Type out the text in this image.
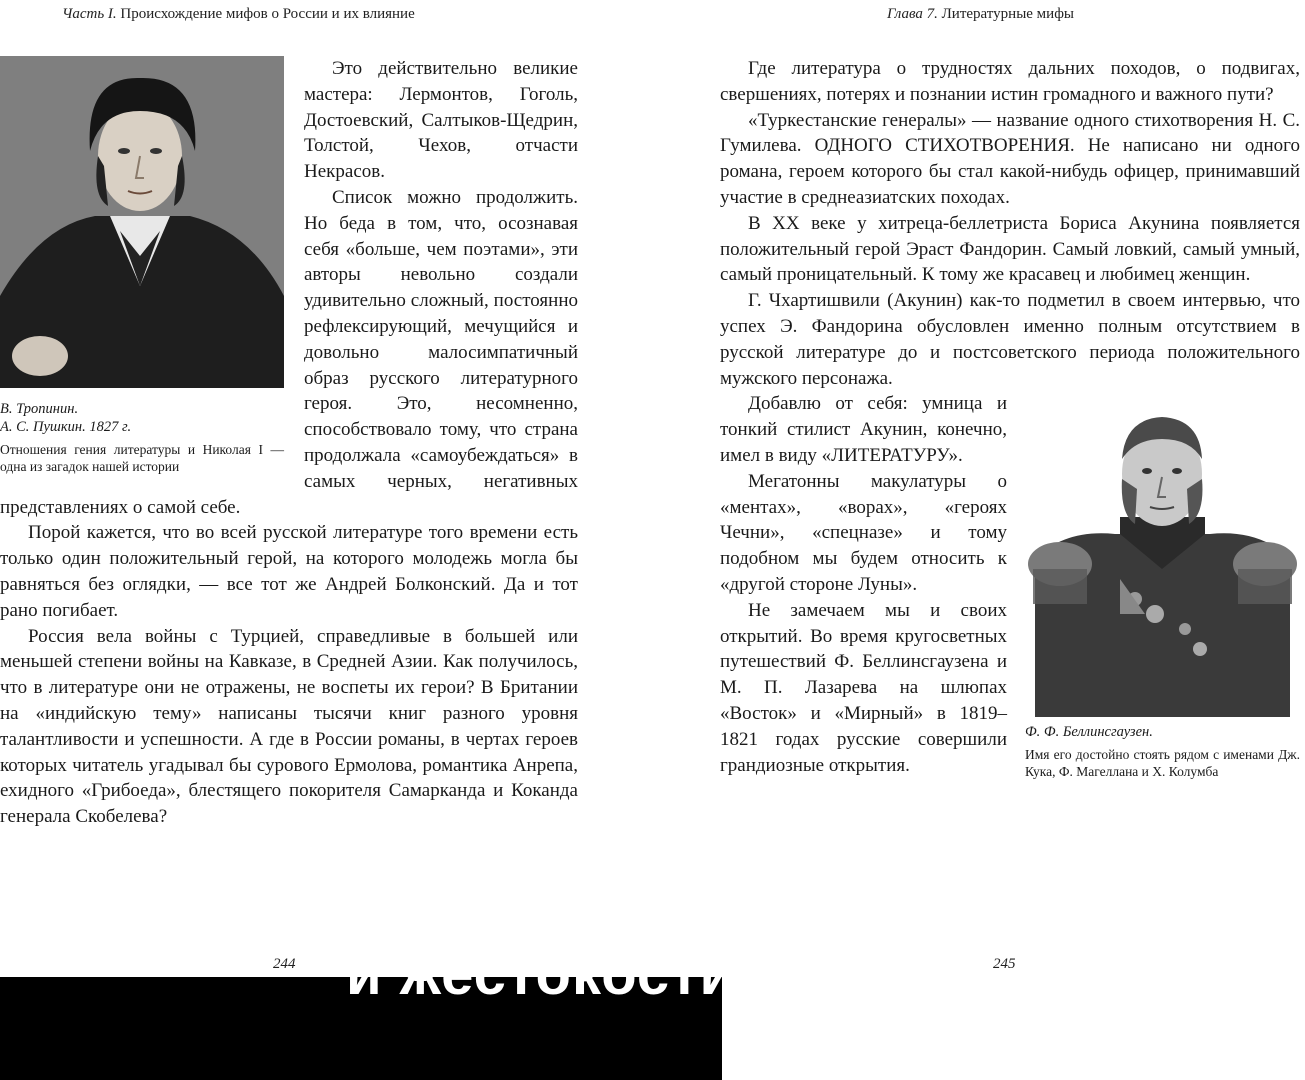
Часть I. Происхождение мифов о России и их влияние
В. Тропинин.
А. С. Пушкин. 1827 г.
Отношения гения литературы и Николая I — одна из загадок нашей истории

Это действительно великие мастера: Лермонтов, Гоголь, Достоевский, Салтыков-Щедрин, Толстой, Чехов, отчасти Некрасов.

Список можно продолжить. Но беда в том, что, осознавая себя «больше, чем поэтами», эти авторы невольно создали удивительно сложный, постоянно рефлексирующий, мечущийся и довольно малосимпатичный образ русского литературного героя. Это, несомненно, способствовало тому, что страна продолжала «самоубеждаться» в самых черных, негативных представлениях о самой себе.

Порой кажется, что во всей русской литературе того времени есть только один положительный герой, на которого молодежь могла бы равняться без оглядки, — все тот же Андрей Болконский. Да и тот рано погибает.

Россия вела войны с Турцией, справедливые в большей или меньшей степени войны на Кавказе, в Средней Азии. Как получилось, что в литературе они не отражены, не воспеты их герои? В Британии на «индийскую тему» написаны тысячи книг разного уровня талантливости и успешности. А где в России романы, в чертах героев которых читатель угадывал бы сурового Ермолова, романтика Анрепа, ехидного «Грибоеда», блестящего покорителя Самарканда и Коканда генерала Скобелева?

244
Глава 7. Литературные мифы

Где литература о трудностях дальних походов, о подвигах, свершениях, потерях и познании истин громадного и важного пути?

«Туркестанские генералы» — название одного стихотворения Н. С. Гумилева. ОДНОГО СТИХОТВОРЕНИЯ. Не написано ни одного романа, героем которого бы стал какой-нибудь офицер, принимавший участие в среднеазиатских походах.

В XX веке у хитреца-беллетриста Бориса Акунина появляется положительный герой Эраст Фандорин. Самый ловкий, самый умный, самый проницательный. К тому же красавец и любимец женщин.

Г. Чхартишвили (Акунин) как-то подметил в своем интервью, что успех Э. Фандорина обусловлен именно полным отсутствием в русской литературе до и постсоветского периода положительного мужского персонажа.

Ф. Ф. Беллинсгаузен.
Имя его достойно стоять рядом с именами Дж. Кука, Ф. Магеллана и Х. Колумба

Добавлю от себя: умница и тонкий стилист Акунин, конечно, имел в виду «ЛИТЕРАТУРУ».

Мегатонны макулатуры о «ментах», «ворах», «героях Чечни», «спецназе» и тому подобном мы будем относить к «другой стороне Луны».

Не замечаем мы и своих открытий. Во время кругосветных путешествий Ф. Беллинсгаузена и М. П. Лазарева на шлюпах «Восток» и «Мирный» в 1819–1821 годах русские совершили грандиозные открытия.

245
и жестокости
